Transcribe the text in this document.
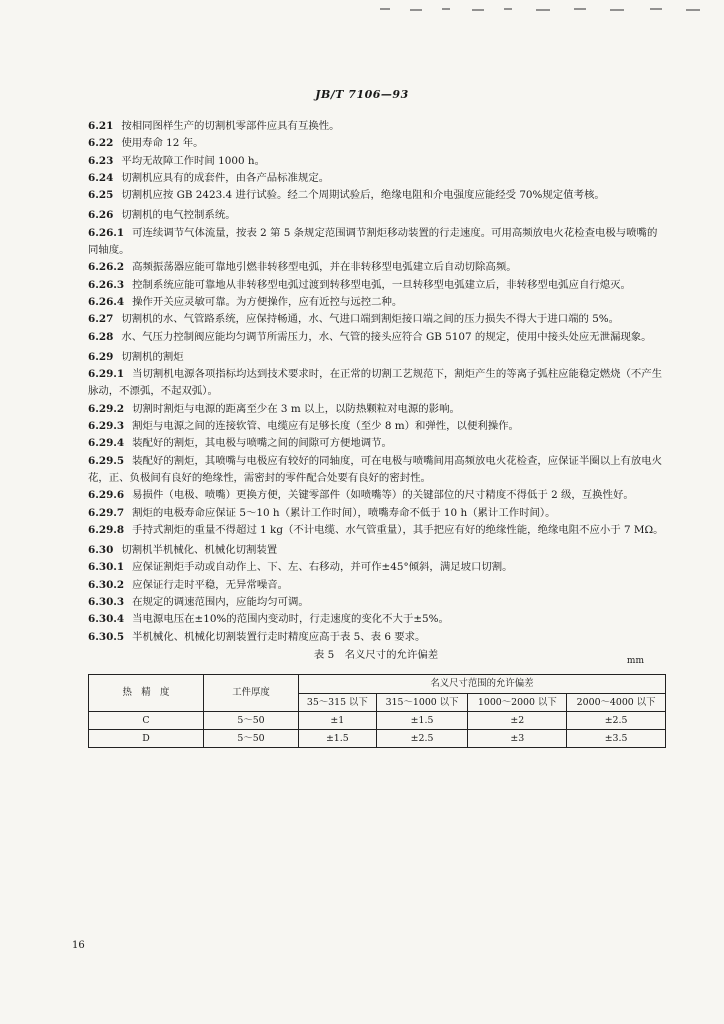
JB/T 7106—93

6.21 按相同图样生产的切割机零部件应具有互换性。

6.22 使用寿命 12 年。

6.23 平均无故障工作时间 1000 h。

6.24 切割机应具有的成套件，由各产品标准规定。

6.25 切割机应按 GB 2423.4 进行试验。经二个周期试验后，绝缘电阻和介电强度应能经受 70%规定值考核。

6.26 切割机的电气控制系统。

6.26.1 可连续调节气体流量，按表 2 第 5 条规定范围调节割炬移动装置的行走速度。可用高频放电火花检查电极与喷嘴的同轴度。

6.26.2 高频振荡器应能可靠地引燃非转移型电弧，并在非转移型电弧建立后自动切除高频。

6.26.3 控制系统应能可靠地从非转移型电弧过渡到转移型电弧，一旦转移型电弧建立后，非转移型电弧应自行熄灭。

6.26.4 操作开关应灵敏可靠。为方便操作，应有近控与远控二种。

6.27 切割机的水、气管路系统，应保持畅通，水、气进口端到割炬接口端之间的压力损失不得大于进口端的 5%。

6.28 水、气压力控制阀应能均匀调节所需压力，水、气管的接头应符合 GB 5107 的规定，使用中接头处应无泄漏现象。

6.29 切割机的割炬

6.29.1 当切割机电源各项指标均达到技术要求时，在正常的切割工艺规范下，割炬产生的等离子弧柱应能稳定燃烧（不产生脉动，不漂弧，不起双弧）。

6.29.2 切割时割炬与电源的距离至少在 3 m 以上，以防热颗粒对电源的影响。

6.29.3 割炬与电源之间的连接软管、电缆应有足够长度（至少 8 m）和弹性，以便利操作。

6.29.4 装配好的割炬，其电极与喷嘴之间的间隙可方便地调节。

6.29.5 装配好的割炬，其喷嘴与电极应有较好的同轴度，可在电极与喷嘴间用高频放电火花检查，应保证半圈以上有放电火花，正、负极间有良好的绝缘性，需密封的零件配合处要有良好的密封性。

6.29.6 易损件（电极、喷嘴）更换方便，关键零部件（如喷嘴等）的关键部位的尺寸精度不得低于 2 级，互换性好。

6.29.7 割炬的电极寿命应保证 5～10 h（累计工作时间），喷嘴寿命不低于 10 h（累计工作时间）。

6.29.8 手持式割炬的重量不得超过 1 kg（不计电缆、水气管重量），其手把应有好的绝缘性能，绝缘电阻不应小于 7 MΩ。

6.30 切割机半机械化、机械化切割装置

6.30.1 应保证割炬手动或自动作上、下、左、右移动，并可作±45°倾斜，满足坡口切割。

6.30.2 应保证行走时平稳，无异常噪音。

6.30.3 在规定的调速范围内，应能均匀可调。

6.30.4 当电源电压在±10%的范围内变动时，行走速度的变化不大于±5%。

6.30.5 半机械化、机械化切割装置行走时精度应高于表 5、表 6 要求。

表 5　名义尺寸的允许偏差	mm
热　精　度	工件厚度	名义尺寸范围的允许偏差			
		35～315 以下	315～1000 以下	1000～2000 以下	2000～4000 以下
C	5～50	±1	±1.5	±2	±2.5
D	5～50	±1.5	±2.5	±3	±3.5
16
